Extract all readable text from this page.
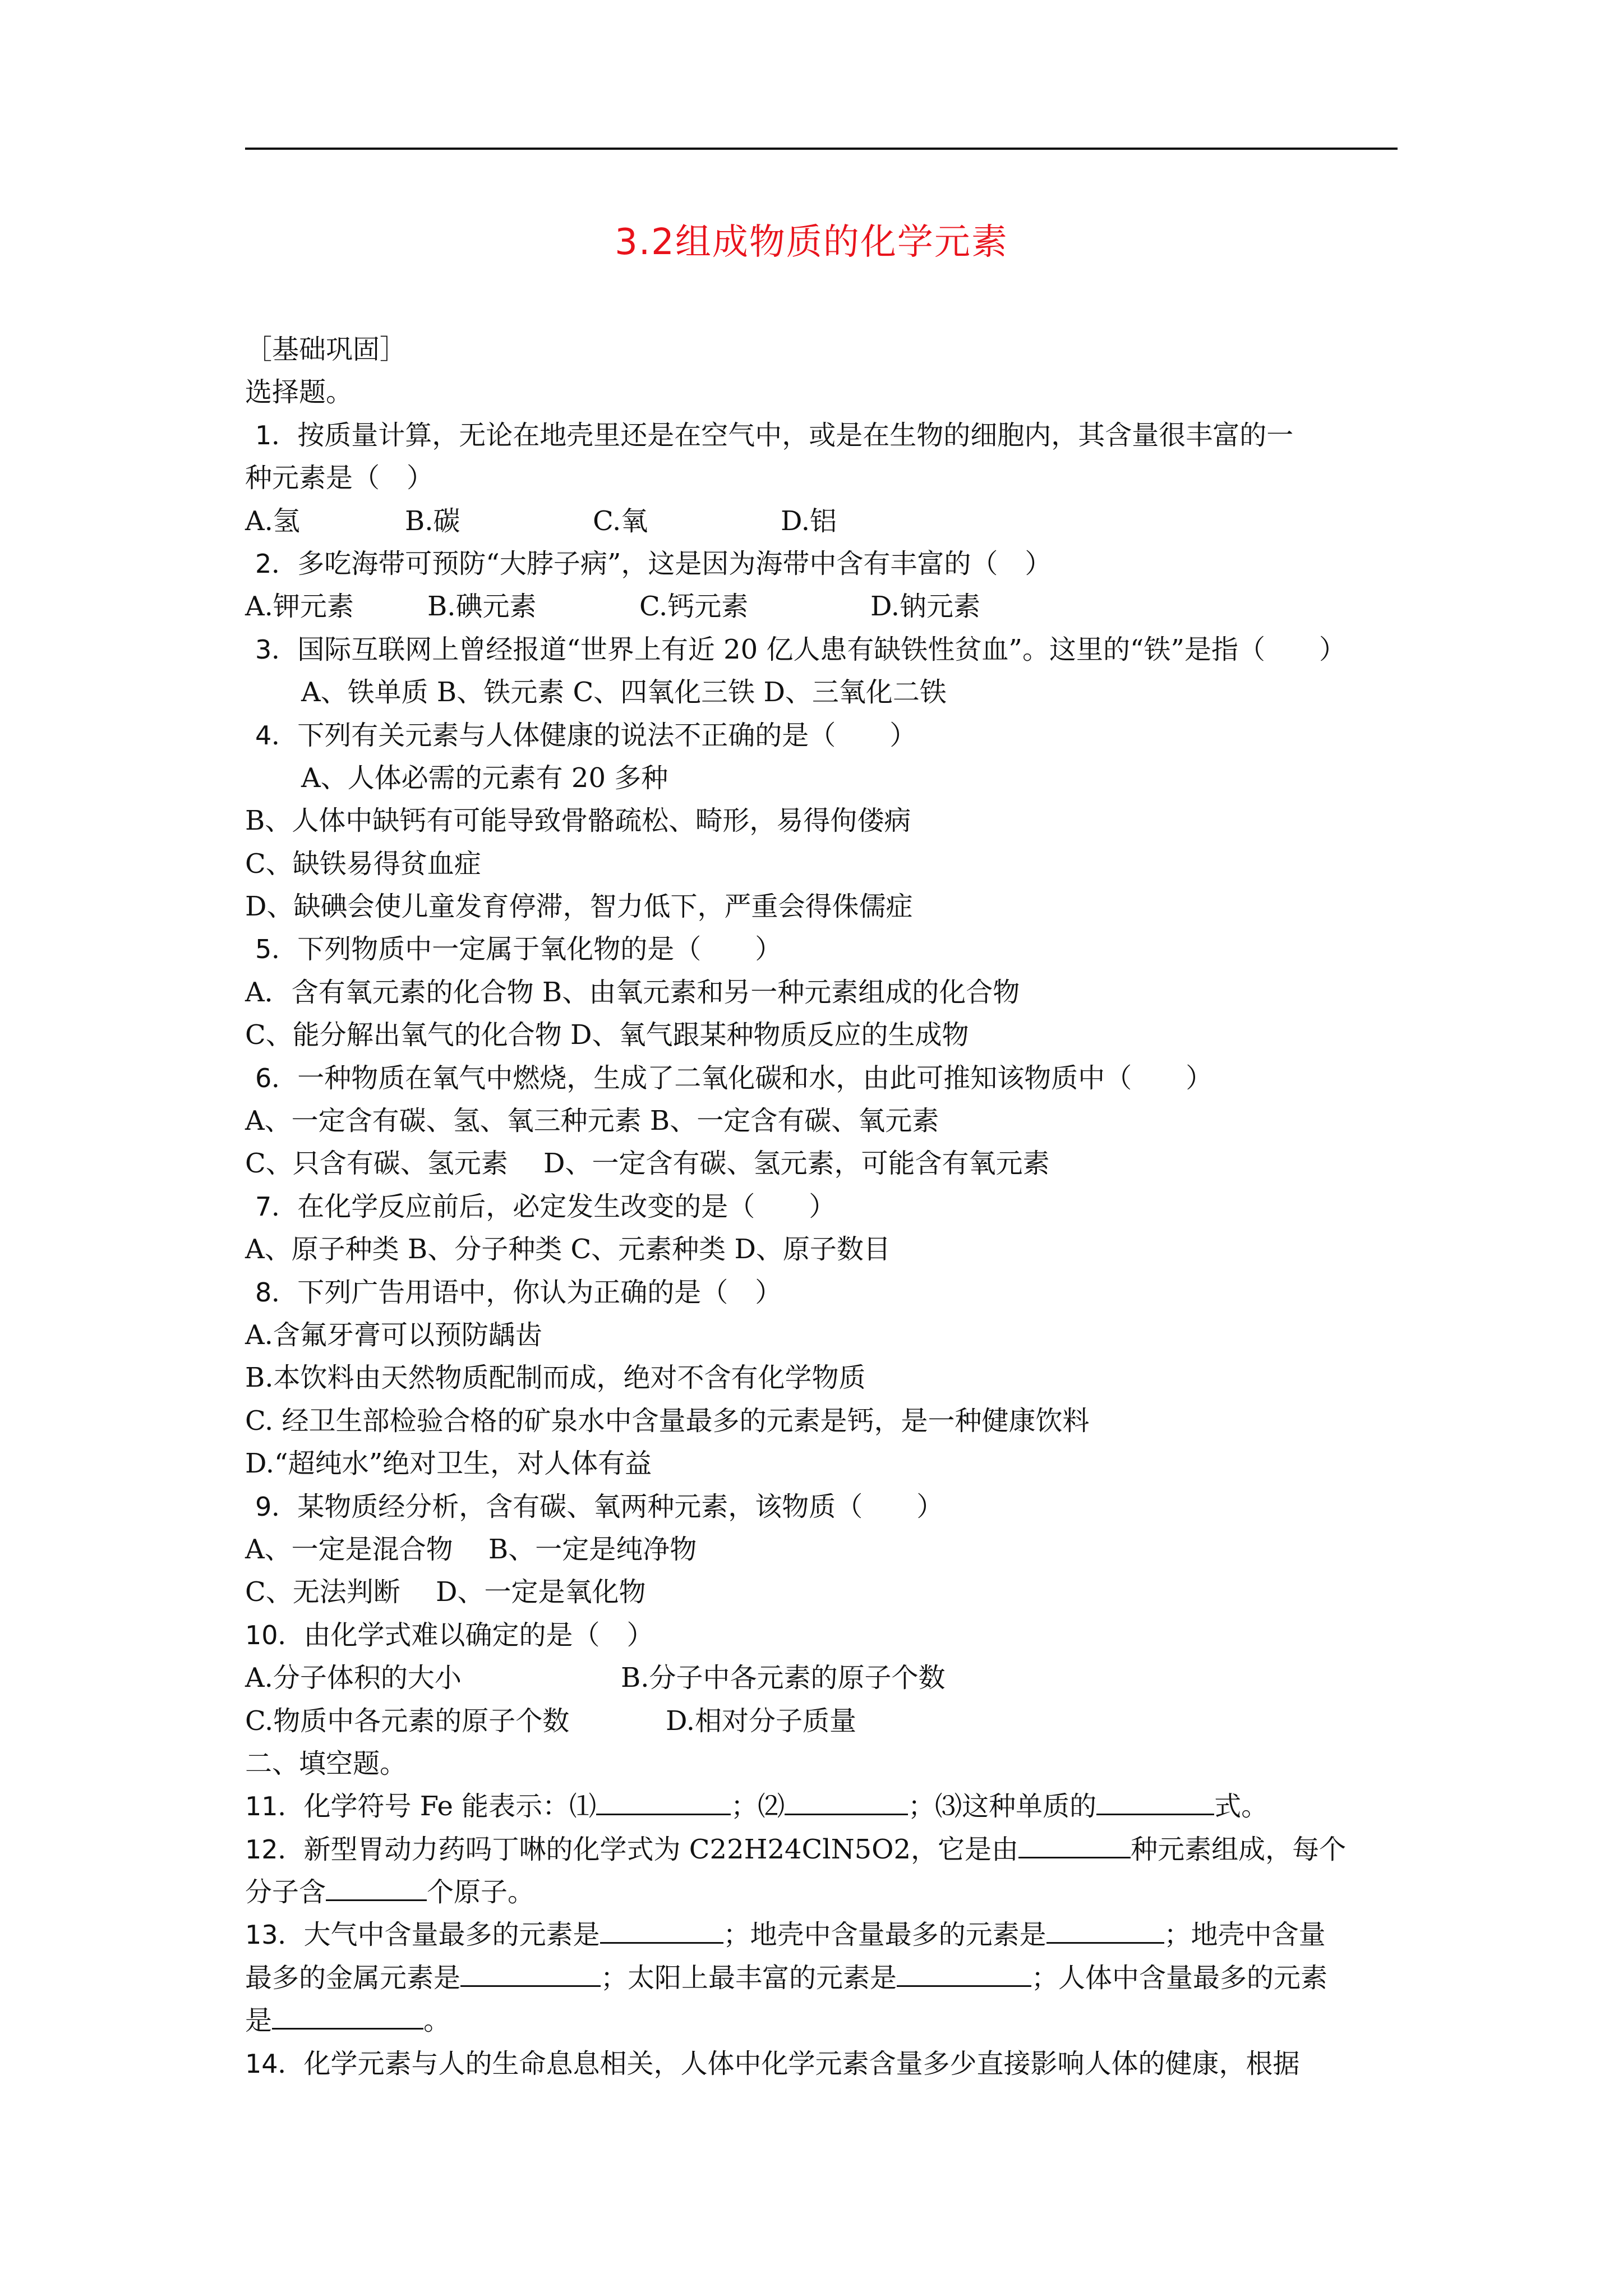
3.2组成物质的化学元素
［基础巩固］
选择题。
1．按质量计算，无论在地壳里还是在空气中，或是在生物的细胞内，其含量很丰富的一
种元素是（　）
A.氢	B.碳	C.氧	D.铝
2．多吃海带可预防“大脖子病”，这是因为海带中含有丰富的（　）
A.钾元素	B.碘元素	C.钙元素	D.钠元素
3．国际互联网上曾经报道“世界上有近 20 亿人患有缺铁性贫血”。这里的“铁”是指（　　）
A、铁单质 B、铁元素 C、四氧化三铁 D、三氧化二铁
4．下列有关元素与人体健康的说法不正确的是（　　）
A、人体必需的元素有 20 多种
B、人体中缺钙有可能导致骨骼疏松、畸形，易得佝偻病
C、缺铁易得贫血症
D、缺碘会使儿童发育停滞，智力低下，严重会得侏儒症
5．下列物质中一定属于氧化物的是（　　）
A．含有氧元素的化合物 B、由氧元素和另一种元素组成的化合物
C、能分解出氧气的化合物 D、氧气跟某种物质反应的生成物
6．一种物质在氧气中燃烧，生成了二氧化碳和水，由此可推知该物质中（　　）
A、一定含有碳、氢、氧三种元素 B、一定含有碳、氧元素
C、只含有碳、氢元素　 D、一定含有碳、氢元素，可能含有氧元素
7．在化学反应前后，必定发生改变的是（　　）
A、原子种类 B、分子种类 C、元素种类 D、原子数目
8．下列广告用语中，你认为正确的是（　）
A.含氟牙膏可以预防龋齿
B.本饮料由天然物质配制而成，绝对不含有化学物质
C. 经卫生部检验合格的矿泉水中含量最多的元素是钙，是一种健康饮料
D.“超纯水”绝对卫生，对人体有益
9．某物质经分析，含有碳、氧两种元素，该物质（　　）
A、一定是混合物　 B、一定是纯净物
C、无法判断　 D、一定是氧化物
10．由化学式难以确定的是（　）
A.分子体积的大小	B.分子中各元素的原子个数
C.物质中各元素的原子个数	D.相对分子质量
二、填空题。
11．化学符号 Fe 能表示：⑴	；⑵	；⑶这种单质的	式。
12．新型胃动力药吗丁啉的化学式为 C22H24ClN5O2，它是由	种元素组成，每个
分子含	个原子。
13．大气中含量最多的元素是	；地壳中含量最多的元素是	；地壳中含量
最多的金属元素是	；太阳上最丰富的元素是	；人体中含量最多的元素
是	。
14．化学元素与人的生命息息相关，人体中化学元素含量多少直接影响人体的健康，根据
